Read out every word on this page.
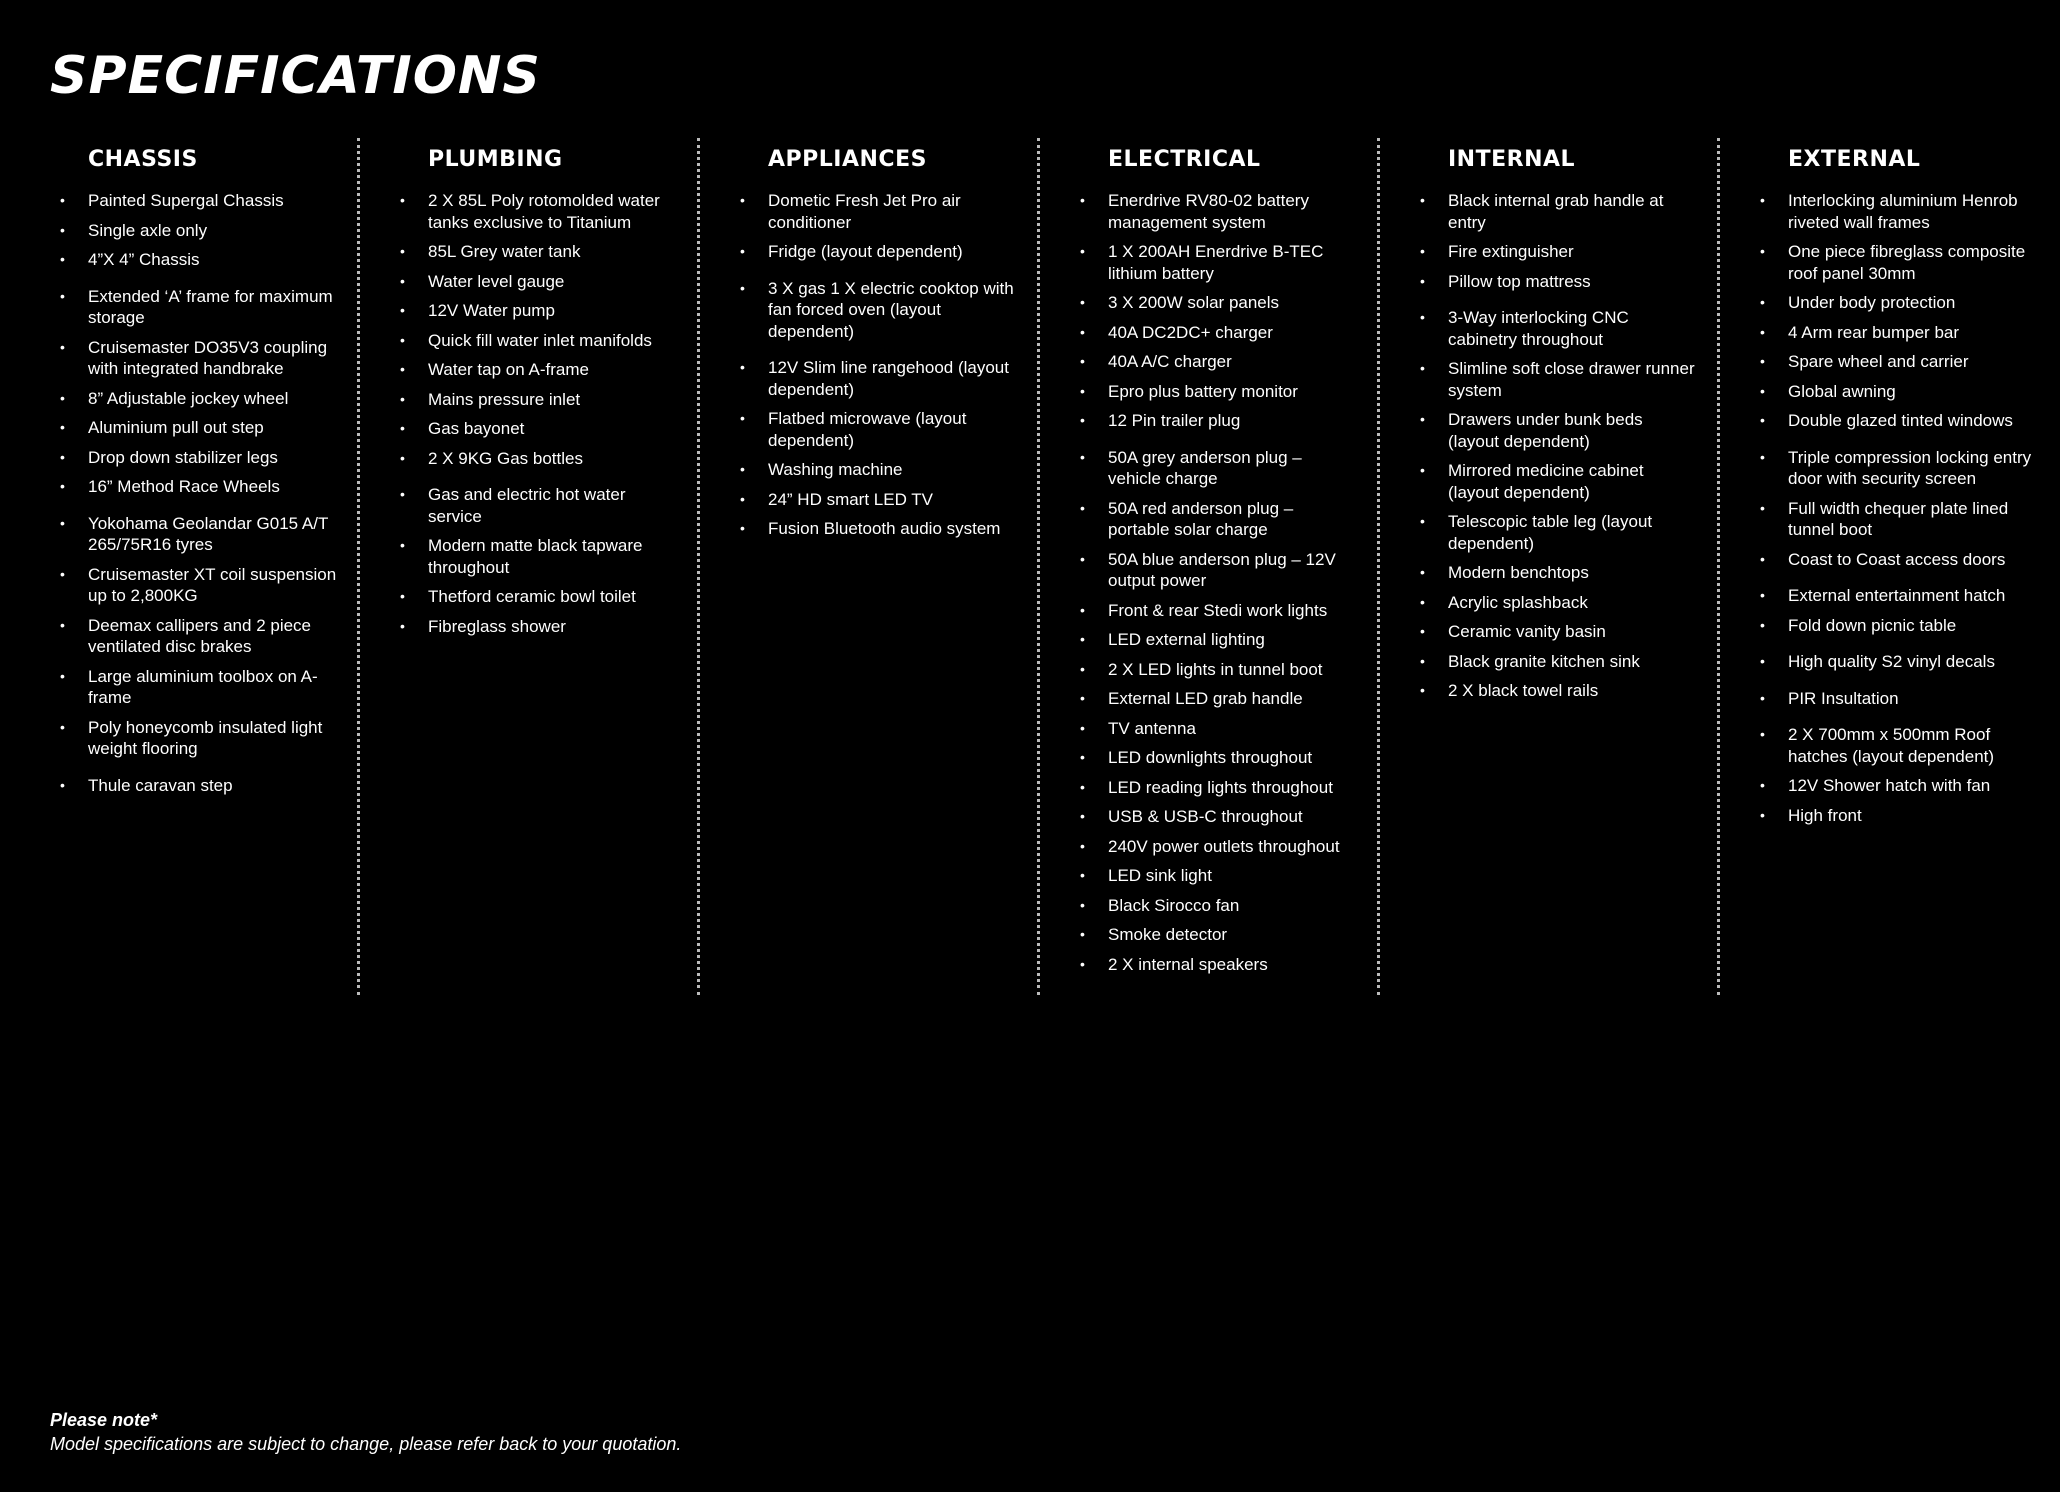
SPECIFICATIONS
CHASSIS
• Painted Supergal Chassis
• Single axle only
• 4”X 4” Chassis
• Extended ‘A’ frame for maximum storage
• Cruisemaster DO35V3 coupling with integrated handbrake
• 8” Adjustable jockey wheel
• Aluminium pull out step
• Drop down stabilizer legs
• 16” Method Race Wheels
• Yokohama Geolandar G015 A/T 265/75R16 tyres
• Cruisemaster XT coil suspension up to 2,800KG
• Deemax callipers and 2 piece ventilated disc brakes
• Large aluminium toolbox on A-frame
• Poly honeycomb insulated light weight flooring
• Thule caravan step
PLUMBING
• 2 X 85L Poly rotomolded water tanks exclusive to Titanium
• 85L Grey water tank
• Water level gauge
• 12V Water pump
• Quick fill water inlet manifolds
• Water tap on A-frame
• Mains pressure inlet
• Gas bayonet
• 2 X 9KG Gas bottles
• Gas and electric hot water service
• Modern matte black tapware throughout
• Thetford ceramic bowl toilet
• Fibreglass shower
APPLIANCES
• Dometic Fresh Jet Pro air conditioner
• Fridge (layout dependent)
• 3 X gas 1 X electric cooktop with fan forced oven (layout dependent)
• 12V Slim line rangehood (layout dependent)
• Flatbed microwave (layout dependent)
• Washing machine
• 24” HD smart LED TV
• Fusion Bluetooth audio system
ELECTRICAL
• Enerdrive RV80-02 battery management system
• 1 X 200AH Enerdrive B-TEC lithium battery
• 3 X 200W solar panels
• 40A DC2DC+ charger
• 40A A/C charger
• Epro plus battery monitor
• 12 Pin trailer plug
• 50A grey anderson plug – vehicle charge
• 50A red anderson plug – portable solar charge
• 50A blue anderson plug – 12V output power
• Front & rear Stedi work lights
• LED external lighting
• 2 X LED lights in tunnel boot
• External LED grab handle
• TV antenna
• LED downlights throughout
• LED reading lights throughout
• USB & USB-C throughout
• 240V power outlets throughout
• LED sink light
• Black Sirocco fan
• Smoke detector
• 2 X internal speakers
INTERNAL
• Black internal grab handle at entry
• Fire extinguisher
• Pillow top mattress
• 3-Way interlocking CNC cabinetry throughout
• Slimline soft close drawer runner system
• Drawers under bunk beds (layout dependent)
• Mirrored medicine cabinet (layout dependent)
• Telescopic table leg (layout dependent)
• Modern benchtops
• Acrylic splashback
• Ceramic vanity basin
• Black granite kitchen sink
• 2 X black towel rails
EXTERNAL
• Interlocking aluminium Henrob riveted wall frames
• One piece fibreglass composite roof panel 30mm
• Under body protection
• 4 Arm rear bumper bar
• Spare wheel and carrier
• Global awning
• Double glazed tinted windows
• Triple compression locking entry door with security screen
• Full width chequer plate lined tunnel boot
• Coast to Coast access doors
• External entertainment hatch
• Fold down picnic table
• High quality S2 vinyl decals
• PIR Insultation
• 2 X 700mm x 500mm Roof hatches (layout dependent)
• 12V Shower hatch with fan
• High front
Please note*
Model specifications are subject to change, please refer back to your quotation.
